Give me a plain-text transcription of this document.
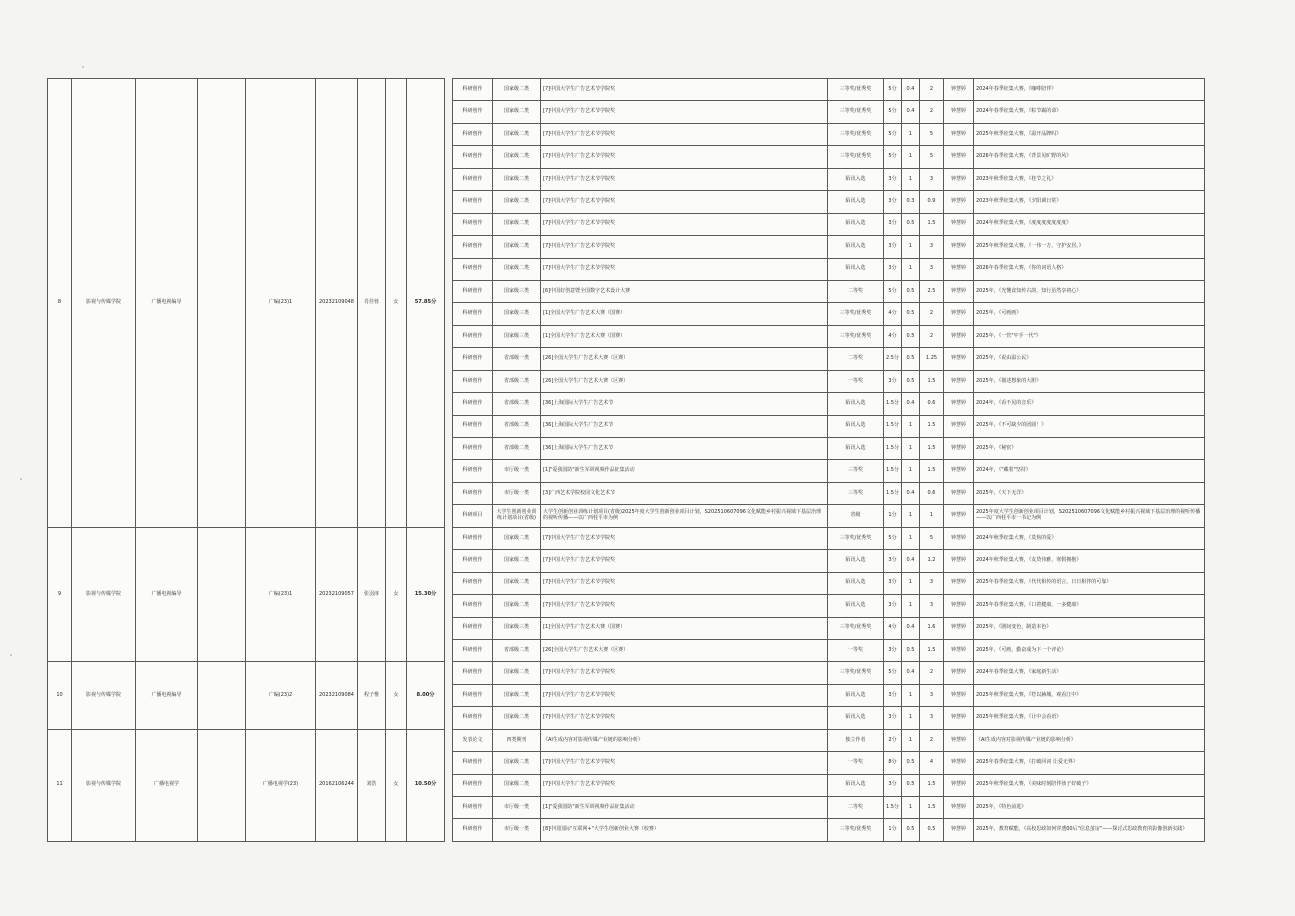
8	影视与传媒学院	广播电视编导		广编(23)1	20232109048	肖佳蓉	女	57.85分		科研创作	国家级二类	[7]中国大学生广告艺术节学院奖	三等奖/优秀奖	5分	0.4	2	钟慧婷	2024年春季征集大赛，《咖啡陪伴》
										科研创作	国家级二类	[7]中国大学生广告艺术节学院奖	三等奖/优秀奖	5分	0.4	2	钟慧婷	2024年春季征集大赛，《粽节霸的命》
										科研创作	国家级二类	[7]中国大学生广告艺术节学院奖	三等奖/优秀奖	5分	1	5	钟慧婷	2025年秋季征集大赛，《温开品牌吗》
										科研创作	国家级二类	[7]中国大学生广告艺术节学院奖	三等奖/优秀奖	5分	1	5	钟慧婷	2026年春季征集大赛，《背景见旷野的风》
										科研创作	国家级二类	[7]中国大学生广告艺术节学院奖	陌讯入选	3分	1	3	钟慧婷	2023年秋季征集大赛，《桂节之礼》
										科研创作	国家级二类	[7]中国大学生广告艺术节学院奖	陌讯入选	3分	0.3	0.9	钟慧婷	2023年秋季征集大赛，《夕阳调日常》
										科研创作	国家级二类	[7]中国大学生广告艺术节学院奖	陌讯入选	3分	0.5	1.5	钟慧婷	2024年秋季征集大赛，《度度度度度度度》
										科研创作	国家级二类	[7]中国大学生广告艺术节学院奖	陌讯入选	3分	1	3	钟慧婷	2025年秋季征集大赛，《一伟一方，守护安居。》
										科研创作	国家级二类	[7]中国大学生广告艺术节学院奖	陌讯入选	3分	1	3	钟慧婷	2026年春季征集大赛，《你的词语人格》
										科研创作	国家级三类	[6]中国好创意暨全国数字艺术设计大赛	二等奖	5分	0.5	2.5	钟慧婷	2025年，《光懂食知传古韵，知行虽然享初心》
										科研创作	国家级三类	[1]全国大学生广告艺术大赛（国赛）	三等奖/优秀奖	4分	0.5	2	钟慧婷	2025年，《可画画》
										科研创作	国家级三类	[1]全国大学生广告艺术大赛（国赛）	三等奖/优秀奖	4分	0.5	2	钟慧婷	2025年，《一管"牢手一代"》
										科研创作	省部级一类	[26]全国大学生广告艺术大赛（区赛）	二等奖	2.5分	0.5	1.25	钟慧婷	2025年，《说由温公民》
										科研创作	省部级二类	[26]全国大学生广告艺术大赛（区赛）	一等奖	3分	0.5	1.5	钟慧婷	2025年，《描述想象的大胆》
										科研创作	省部级二类	[36]上海国际大学生广告艺术节	陌讯入选	1.5分	0.4	0.6	钟慧婷	2024年，《看不见的音乐》
										科研创作	省部级二类	[36]上海国际大学生广告艺术节	陌讯入选	1.5分	1	1.5	钟慧婷	2025年，《不可缺少的团圆！》
										科研创作	省部级二类	[36]上海国际大学生广告艺术节	陌讯入选	1.5分	1	1.5	钟慧婷	2025年，《秘密》
										科研创作	市厅级一类	[1]"爱我国防"新生军训视频作品征集活动	三等奖	1.5分	1	1.5	钟慧婷	2024年，《"藏着"坚持》
										科研创作	市厅级一类	[3]广西艺术学院校园文化艺术节	三等奖	1.5分	0.4	0.6	钟慧婷	2025年，《天下无洋》
										科研项目	大学生创新创业训练计划项目(省级)	大学生创新创业训练计划项目(省级)2025年度大学生创新创业项目计划，S202510607096文化赋能乡村振兴视域下基层治理的视听传播——以广西桂平市为例	省级	1分	1	1	钟慧婷	2025年度大学生创新创业项目计划，S202510607096文化赋能乡村振兴视域下基层治理的视听传播——以广西桂平市一书记为例
9	影视与传媒学院	广播电视编导		广编(23)1	20232109057	张羽淳	女	15.30分		科研创作	国家级二类	[7]中国大学生广告艺术节学院奖	三等奖/优秀奖	5分	1	5	钟慧婷	2024年秋季征集大赛，《莫焦的爱》
										科研创作	国家级二类	[7]中国大学生广告艺术节学院奖	陌讯入选	3分	0.4	1.2	钟慧婷	2024年秋季征集大赛，《友贷伟雅，寒假拥抱》
										科研创作	国家级二类	[7]中国大学生广告艺术节学院奖	陌讯入选	3分	1	3	钟慧婷	2025年春季征集大赛，《代代相传的语言，日日相伴的可靠》
										科研创作	国家级二类	[7]中国大学生广告艺术节学院奖	陌讯入选	3分	1	3	钟慧婷	2025年春季征集大赛，《口着健康，一多健康》
										科研创作	国家级三类	[1]全国大学生广告艺术大赛（国赛）	三等奖/优秀奖	4分	0.4	1.6	钟慧婷	2025年，《剧间变色，制造本色》
										科研创作	省部级二类	[26]全国大学生广告艺术大赛（区赛）	一等奖	3分	0.5	1.5	钟慧婷	2025年，《可画，勤奋成为下一个评论》
10	影视与传媒学院	广播电视编导		广编(23)2	20232109084	程子惟	女	8.00分		科研创作	国家级二类	[7]中国大学生广告艺术节学院奖	三等奖/优秀奖	5分	0.4	2	钟慧婷	2024年春季征集大赛，《家庭新生活》
										科研创作	国家级二类	[7]中国大学生广告艺术节学院奖	陌讯入选	3分	1	3	钟慧婷	2025年秋季征集大赛，《符以赫城，观看江中》
										科研创作	国家级二类	[7]中国大学生广告艺术节学院奖	陌讯入选	3分	1	3	钟慧婷	2025年秋季征集大赛，《让中会看语》
11	影视与传媒学院	广播电视学		广播电视学(23)	20162106244	刘浩	女	10.50分		发表论文	四类期刊	《AI生成内容对影视传媒产业链的影响分析》	独立作者	2分	1	2	钟慧婷	《AI生成内容对影视传媒产业链的影响分析》
										科研创作	国家级二类	[7]中国大学生广告艺术节学院奖	一等奖	8分	0.5	4	钟慧婷	2025年春季征集大赛，《打破回词 让爱无界》
										科研创作	国家级二类	[7]中国大学生广告艺术节学院奖	陌讯入选	3分	0.5	1.5	钟慧婷	2025年秋季征集大赛，《美味时刻陪伴孩子好破子》
										科研创作	市厅级一类	[1]"爱我国防"新生军训视频作品征集活动	二等奖	1.5分	1	1.5	钟慧婷	2025年，《特色前进》
										科研创作	市厅级一类	[8]中国国际"互联网+"大学生创新创业大赛（校赛）	三等奖/优秀奖	1分	0.5	0.5	钟慧婷	2025年，教育赋能，《高校思政如何穿透00后"信息茧房"——探讨式思政教育的影像创新实践》
